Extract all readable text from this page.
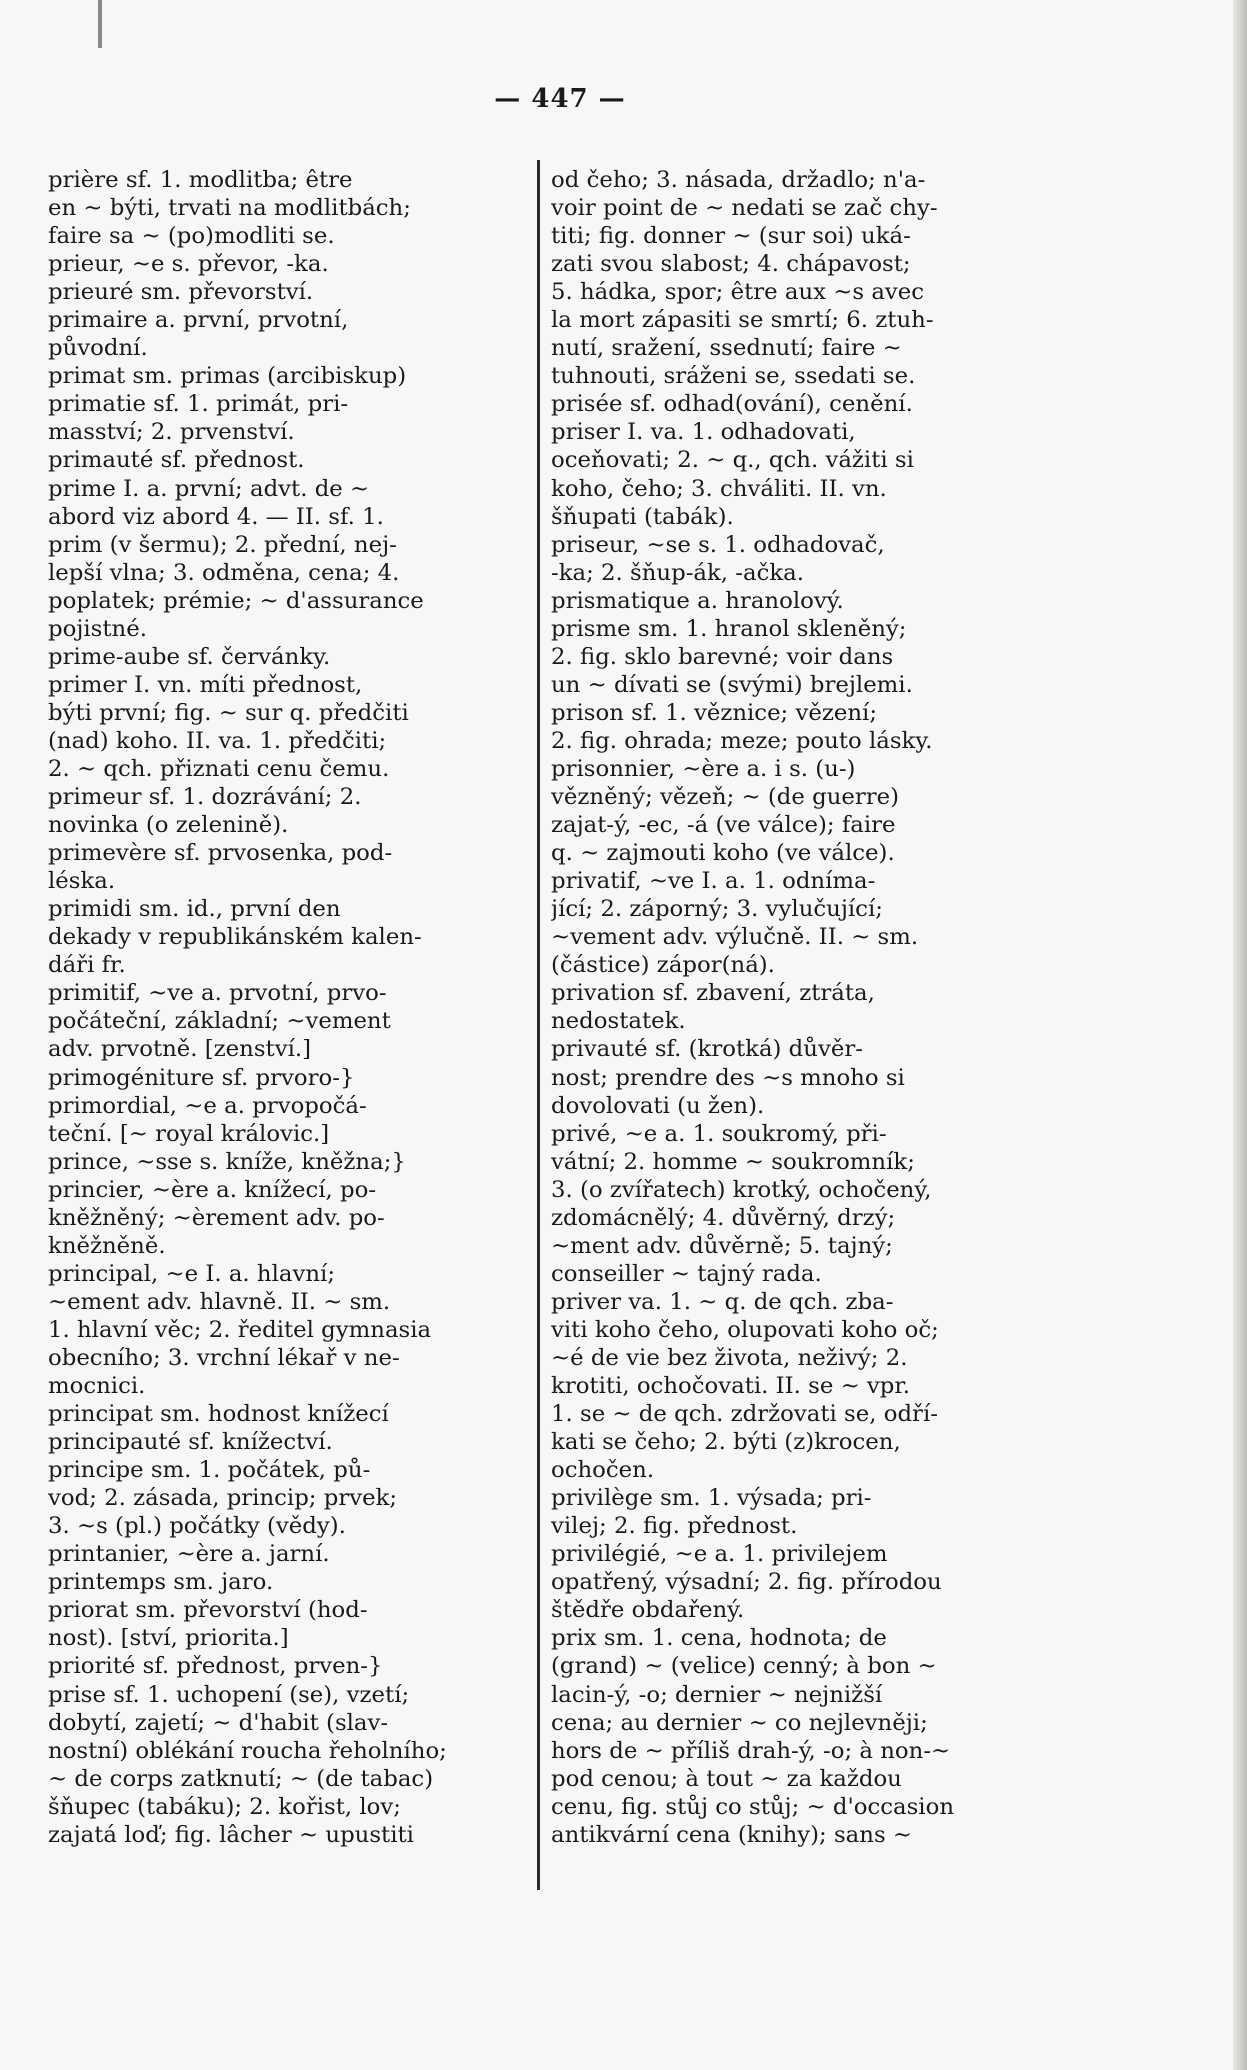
— 447 —
prière sf. 1. modlitba; être
en ~ býti, trvati na modlitbách;
faire sa ~ (po)modliti se.
prieur, ~e s. převor, -ka.
prieuré sm. převorství.
primaire a. první, prvotní,
původní.
primat sm. primas (arcibiskup)
primatie sf. 1. primát, pri-
masství; 2. prvenství.
primauté sf. přednost.
prime I. a. první; advt. de ~
abord viz abord 4. — II. sf. 1.
prim (v šermu); 2. přední, nej-
lepší vlna; 3. odměna, cena; 4.
poplatek; prémie; ~ d'assurance
pojistné.
prime-aube sf. červánky.
primer I. vn. míti přednost,
býti první; fig. ~ sur q. předčiti
(nad) koho. II. va. 1. předčiti;
2. ~ qch. přiznati cenu čemu.
primeur sf. 1. dozrávání; 2.
novinka (o zelenině).
primevère sf. prvosenka, pod-
léska.
primidi sm. id., první den
dekady v republikánském kalen-
dáři fr.
primitif, ~ve a. prvotní, prvo-
počáteční, základní; ~vement
adv. prvotně. [zenství.]
primogéniture sf. prvoro-}
primordial, ~e a. prvopočá-
teční. [~ royal královic.]
prince, ~sse s. kníže, kněžna;}
princier, ~ère a. knížecí, po-
kněžněný; ~èrement adv. po-
kněžněně.
principal, ~e I. a. hlavní;
~ement adv. hlavně. II. ~ sm.
1. hlavní věc; 2. ředitel gymnasia
obecního; 3. vrchní lékař v ne-
mocnici.
principat sm. hodnost knížecí
principauté sf. knížectví.
principe sm. 1. počátek, pů-
vod; 2. zásada, princip; prvek;
3. ~s (pl.) počátky (vědy).
printanier, ~ère a. jarní.
printemps sm. jaro.
priorat sm. převorství (hod-
nost). [ství, priorita.]
priorité sf. přednost, prven-}
prise sf. 1. uchopení (se), vzetí;
dobytí, zajetí; ~ d'habit (slav-
nostní) oblékání roucha řeholního;
~ de corps zatknutí; ~ (de tabac)
šňupec (tabáku); 2. kořist, lov;
zajatá loď; fig. lâcher ~ upustiti
od čeho; 3. násada, držadlo; n'a-
voir point de ~ nedati se zač chy-
titi; fig. donner ~ (sur soi) uká-
zati svou slabost; 4. chápavost;
5. hádka, spor; être aux ~s avec
la mort zápasiti se smrtí; 6. ztuh-
nutí, sražení, ssednutí; faire ~
tuhnouti, sráženi se, ssedati se.
prisée sf. odhad(ování), cenění.
priser I. va. 1. odhadovati,
oceňovati; 2. ~ q., qch. vážiti si
koho, čeho; 3. chváliti. II. vn.
šňupati (tabák).
priseur, ~se s. 1. odhadovač,
-ka; 2. šňup-ák, -ačka.
prismatique a. hranolový.
prisme sm. 1. hranol skleněný;
2. fig. sklo barevné; voir dans
un ~ dívati se (svými) brejlemi.
prison sf. 1. věznice; vězení;
2. fig. ohrada; meze; pouto lásky.
prisonnier, ~ère a. i s. (u-)
vězněný; vězeň; ~ (de guerre)
zajat-ý, -ec, -á (ve válce); faire
q. ~ zajmouti koho (ve válce).
privatif, ~ve I. a. 1. odníma-
jící; 2. záporný; 3. vylučující;
~vement adv. výlučně. II. ~ sm.
(částice) zápor(ná).
privation sf. zbavení, ztráta,
nedostatek.
privauté sf. (krotká) důvěr-
nost; prendre des ~s mnoho si
dovolovati (u žen).
privé, ~e a. 1. soukromý, při-
vátní; 2. homme ~ soukromník;
3. (o zvířatech) krotký, ochočený,
zdomácnělý; 4. důvěrný, drzý;
~ment adv. důvěrně; 5. tajný;
conseiller ~ tajný rada.
priver va. 1. ~ q. de qch. zba-
viti koho čeho, olupovati koho oč;
~é de vie bez života, neživý; 2.
krotiti, ochočovati. II. se ~ vpr.
1. se ~ de qch. zdržovati se, odří-
kati se čeho; 2. býti (z)krocen,
ochočen.
privilège sm. 1. výsada; pri-
vilej; 2. fig. přednost.
privilégié, ~e a. 1. privilejem
opatřený, výsadní; 2. fig. přírodou
štědře obdařený.
prix sm. 1. cena, hodnota; de
(grand) ~ (velice) cenný; à bon ~
lacin-ý, -o; dernier ~ nejnižší
cena; au dernier ~ co nejlevněji;
hors de ~ příliš drah-ý, -o; à non-~
pod cenou; à tout ~ za každou
cenu, fig. stůj co stůj; ~ d'occasion
antikvární cena (knihy); sans ~
